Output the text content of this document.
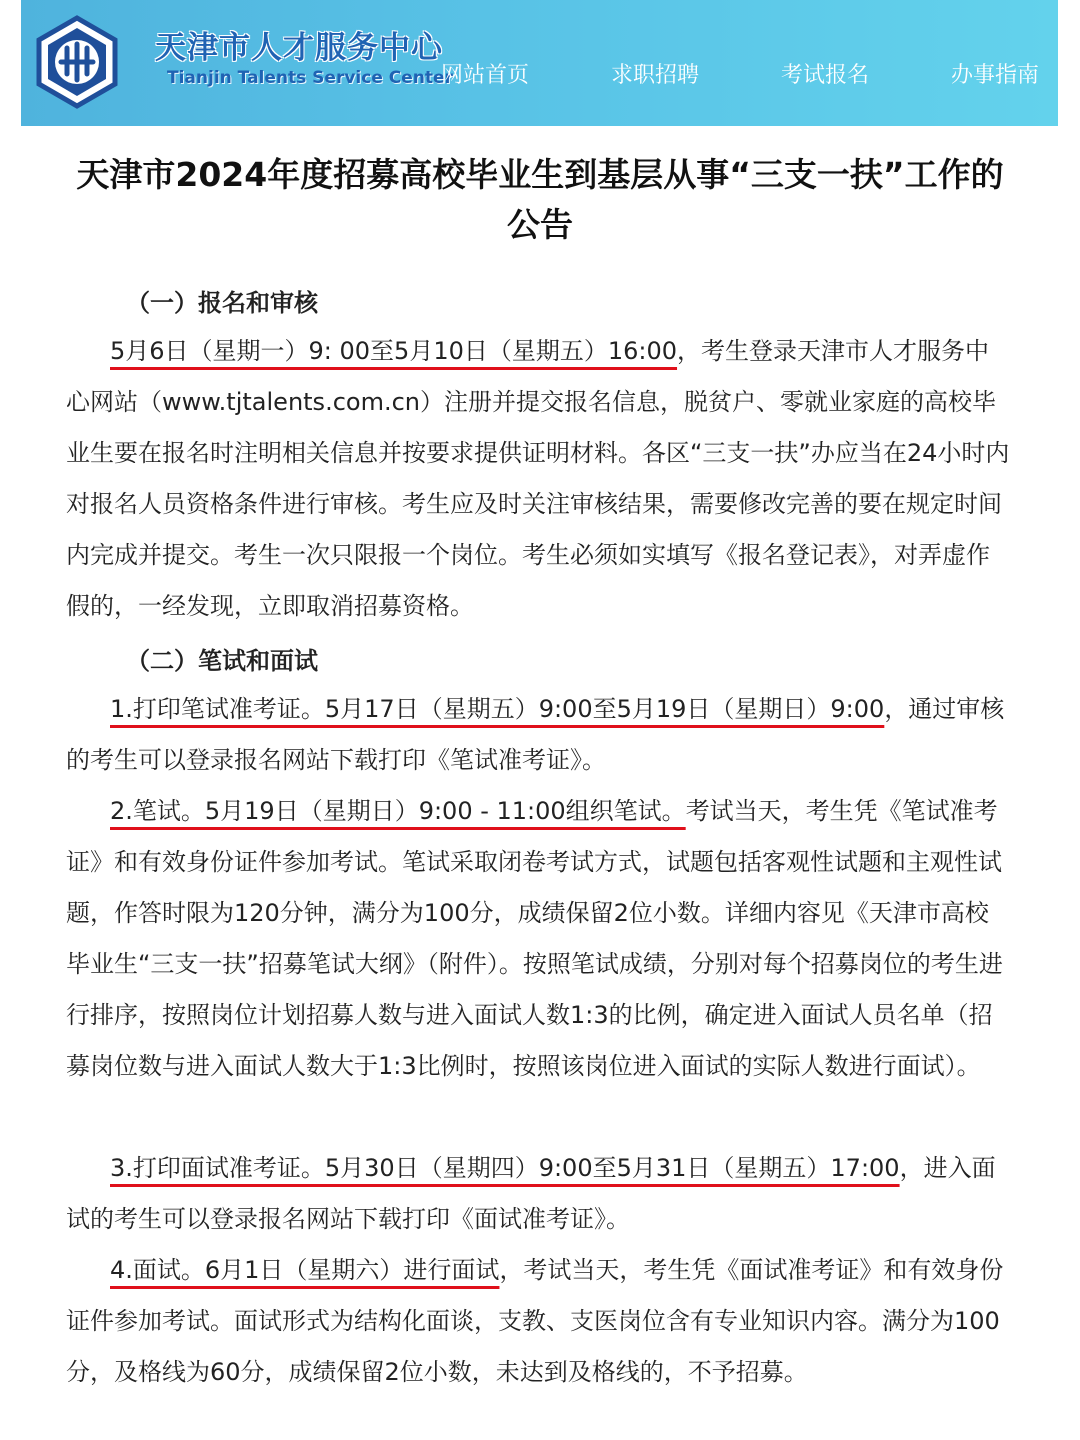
天津市人才服务中心
Tianjin Talents Service Center
网站首页	求职招聘	考试报名	办事指南
天津市2024年度招募高校毕业生到基层从事“三支一扶”工作的公告
（一）报名和审核
5月6日（星期一）9: 00至5月10日（星期五）16:00，考生登录天津市人才服务中心网站（www.tjtalents.com.cn）注册并提交报名信息，脱贫户、零就业家庭的高校毕业生要在报名时注明相关信息并按要求提供证明材料。各区“三支一扶”办应当在24小时内对报名人员资格条件进行审核。考生应及时关注审核结果，需要修改完善的要在规定时间内完成并提交。考生一次只限报一个岗位。考生必须如实填写《报名登记表》，对弄虚作假的，一经发现，立即取消招募资格。
（二）笔试和面试
1.打印笔试准考证。5月17日（星期五）9:00至5月19日（星期日）9:00，通过审核的考生可以登录报名网站下载打印《笔试准考证》。
2.笔试。5月19日（星期日）9:00 - 11:00组织笔试。考试当天，考生凭《笔试准考证》和有效身份证件参加考试。笔试采取闭卷考试方式，试题包括客观性试题和主观性试题，作答时限为120分钟，满分为100分，成绩保留2位小数。详细内容见《天津市高校毕业生“三支一扶”招募笔试大纲》（附件）。按照笔试成绩，分别对每个招募岗位的考生进行排序，按照岗位计划招募人数与进入面试人数1:3的比例，确定进入面试人员名单（招募岗位数与进入面试人数大于1:3比例时，按照该岗位进入面试的实际人数进行面试）。
3.打印面试准考证。5月30日（星期四）9:00至5月31日（星期五）17:00，进入面试的考生可以登录报名网站下载打印《面试准考证》。
4.面试。6月1日（星期六）进行面试，考试当天，考生凭《面试准考证》和有效身份证件参加考试。面试形式为结构化面谈，支教、支医岗位含有专业知识内容。满分为100分，及格线为60分，成绩保留2位小数，未达到及格线的，不予招募。
